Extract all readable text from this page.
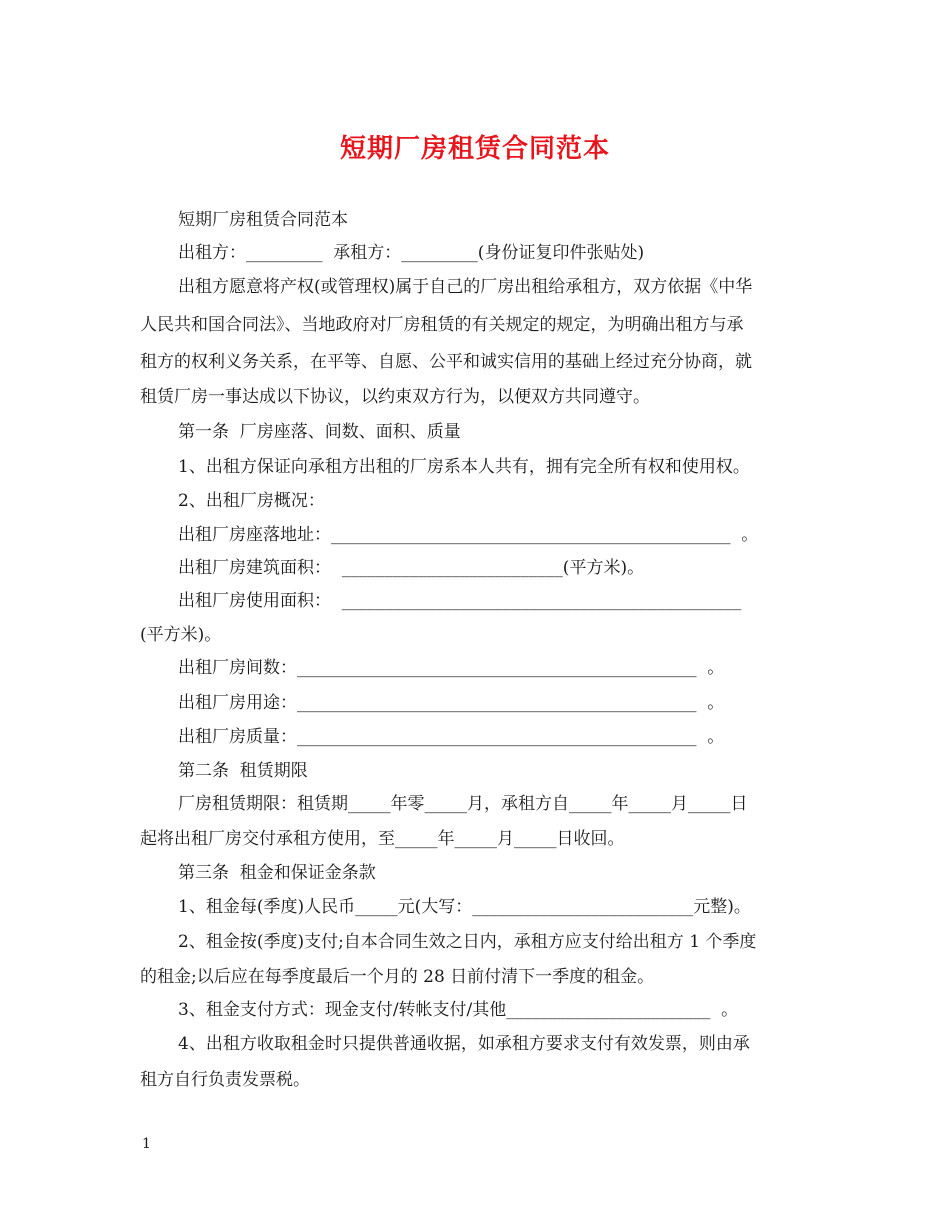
短期厂房租赁合同范本
短期厂房租赁合同范本
出租方：_________  承租方：_________(身份证复印件张贴处)
出租方愿意将产权(或管理权)属于自己的厂房出租给承租方，双方依据《中华
人民共和国合同法》、当地政府对厂房租赁的有关规定的规定，为明确出租方与承
租方的权利义务关系，在平等、自愿、公平和诚实信用的基础上经过充分协商，就
租赁厂房一事达成以下协议，以约束双方行为，以便双方共同遵守。
第一条  厂房座落、间数、面积、质量
1、出租方保证向承租方出租的厂房系本人共有，拥有完全所有权和使用权。
2、出租厂房概况：
出租厂房座落地址：_______________________________________________  。
出租厂房建筑面积：  __________________________(平方米)。
出租厂房使用面积：  _______________________________________________
(平方米)。
出租厂房间数：_______________________________________________  。
出租厂房用途：_______________________________________________  。
出租厂房质量：_______________________________________________  。
第二条  租赁期限
厂房租赁期限：租赁期_____年零_____月，承租方自_____年_____月_____日
起将出租厂房交付承租方使用，至_____年_____月_____日收回。
第三条  租金和保证金条款
1、租金每(季度)人民币_____元(大写：__________________________元整)。
2、租金按(季度)支付;自本合同生效之日内，承租方应支付给出租方 1 个季度
的租金;以后应在每季度最后一个月的 28 日前付清下一季度的租金。
3、租金支付方式：现金支付/转帐支付/其他________________________  。
4、出租方收取租金时只提供普通收据，如承租方要求支付有效发票，则由承
租方自行负责发票税。
1
